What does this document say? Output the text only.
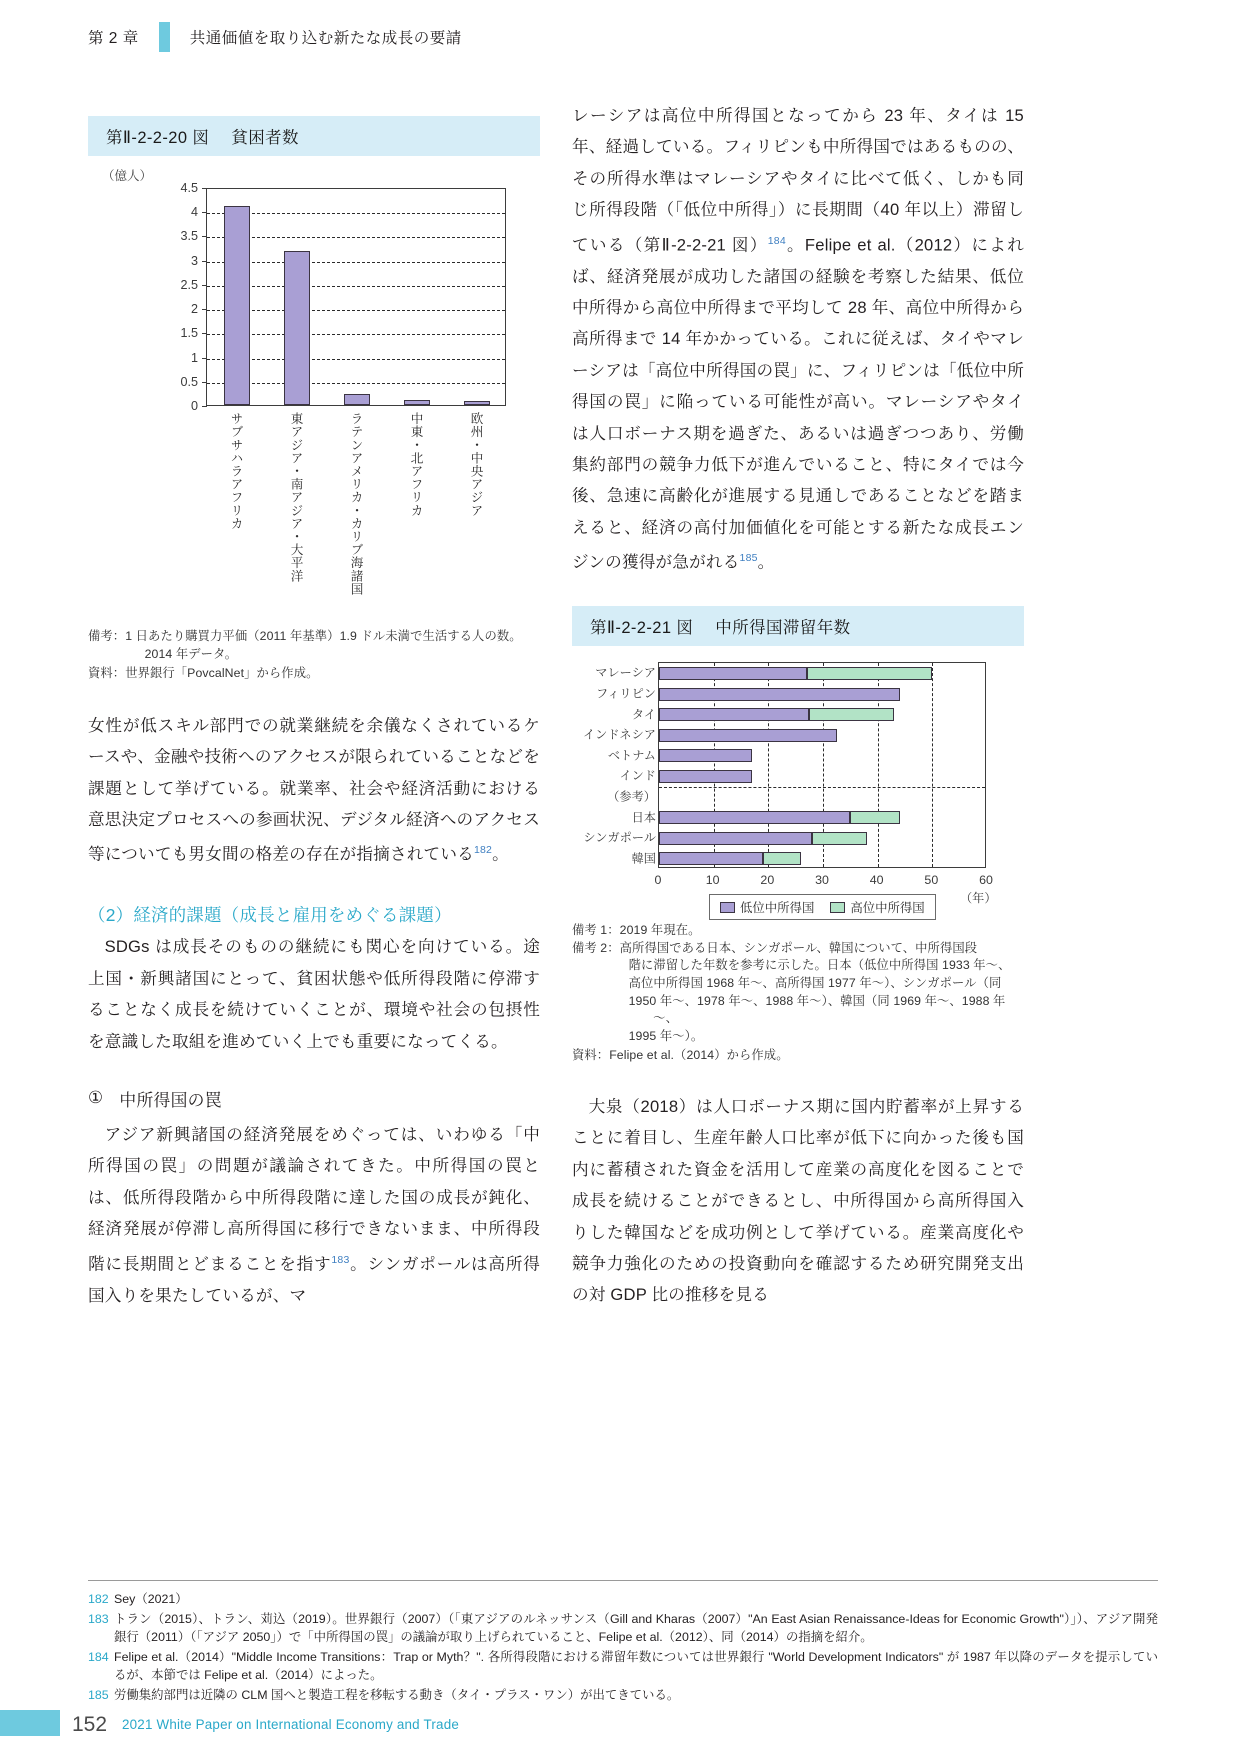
第 2 章	共通価値を取り込む新たな成長の要請
第Ⅱ-2-2-20 図 貧困者数
（億人）
サブサハラアフリカ	東アジア・南アジア・大平洋	ラテンアメリカ・カリブ海諸国	中東・北アフリカ	欧州・中央アジア
0
0.5
1
1.5
2
2.5
3
3.5
4
4.5
備考：1 日あたり購買力平価（2011 年基準）1.9 ドル未満で生活する人の数。
2014 年データ。
資料：世界銀行「PovcalNet」から作成。

女性が低スキル部門での就業継続を余儀なくされているケースや、金融や技術へのアクセスが限られていることなどを課題として挙げている。就業率、社会や経済活動における意思決定プロセスへの参画状況、デジタル経済へのアクセス等についても男女間の格差の存在が指摘されている$^{182}$。

（2）経済的課題（成長と雇用をめぐる課題）

SDGs は成長そのものの継続にも関心を向けている。途上国・新興諸国にとって、貧困状態や低所得段階に停滞することなく成長を続けていくことが、環境や社会の包摂性を意識した取組を進めていく上でも重要になってくる。

① 中所得国の罠

アジア新興諸国の経済発展をめぐっては、いわゆる「中所得国の罠」の問題が議論されてきた。中所得国の罠とは、低所得段階から中所得段階に達した国の成長が鈍化、経済発展が停滞し高所得国に移行できないまま、中所得段階に長期間とどまることを指す$^{183}$。シンガポールは高所得国入りを果たしているが、マ

レーシアは高位中所得国となってから 23 年、タイは 15 年、経過している。フィリピンも中所得国ではあるものの、その所得水準はマレーシアやタイに比べて低く、しかも同じ所得段階（「低位中所得」）に長期間（40 年以上）滞留している（第Ⅱ-2-2-21 図）$^{184}$。Felipe et al.（2012）によれば、経済発展が成功した諸国の経験を考察した結果、低位中所得から高位中所得まで平均して 28 年、高位中所得から高所得まで 14 年かかっている。これに従えば、タイやマレーシアは「高位中所得国の罠」に、フィリピンは「低位中所得国の罠」に陥っている可能性が高い。マレーシアやタイは人口ボーナス期を過ぎた、あるいは過ぎつつあり、労働集約部門の競争力低下が進んでいること、特にタイでは今後、急速に高齢化が進展する見通しであることなどを踏まえると、経済の高付加価値化を可能とする新たな成長エンジンの獲得が急がれる$^{185}$。

第Ⅱ-2-2-21 図 中所得国滞留年数
マレーシア
フィリピン
タイ
インドネシア
ベトナム
インド
（参考）
日本
シンガポール
韓国
0	10	20	30	40	50	60
（年）
低位中所得国	高位中所得国
備考 1：2019 年現在。
備考 2：高所得国である日本、シンガポール、韓国について、中所得国段
階に滞留した年数を参考に示した。日本（低位中所得国 1933 年～、
高位中所得国 1968 年～、高所得国 1977 年～）、シンガポール（同
1950 年～、1978 年～、1988 年～）、韓国（同 1969 年～、1988 年～、
1995 年～）。
資料：Felipe et al.（2014）から作成。

大泉（2018）は人口ボーナス期に国内貯蓄率が上昇することに着目し、生産年齢人口比率が低下に向かった後も国内に蓄積された資金を活用して産業の高度化を図ることで成長を続けることができるとし、中所得国から高所得国入りした韓国などを成功例として挙げている。産業高度化や競争力強化のための投資動向を確認するため研究開発支出の対 GDP 比の推移を見る

182 Sey（2021）
183 トラン（2015）、トラン、苅込（2019）。世界銀行（2007）（「東アジアのルネッサンス（Gill and Kharas（2007）"An East Asian Renaissance-Ideas for Economic Growth"）」）、アジア開発銀行（2011）（「アジア 2050」）で「中所得国の罠」の議論が取り上げられていること、Felipe et al.（2012）、同（2014）の指摘を紹介。
184 Felipe et al.（2014）"Middle Income Transitions：Trap or Myth？". 各所得段階における滞留年数については世界銀行 "World Development Indicators" が 1987 年以降のデータを提示しているが、本節では Felipe et al.（2014）によった。
185 労働集約部門は近隣の CLM 国へと製造工程を移転する動き（タイ・プラス・ワン）が出てきている。
152 2021 White Paper on International Economy and Trade
